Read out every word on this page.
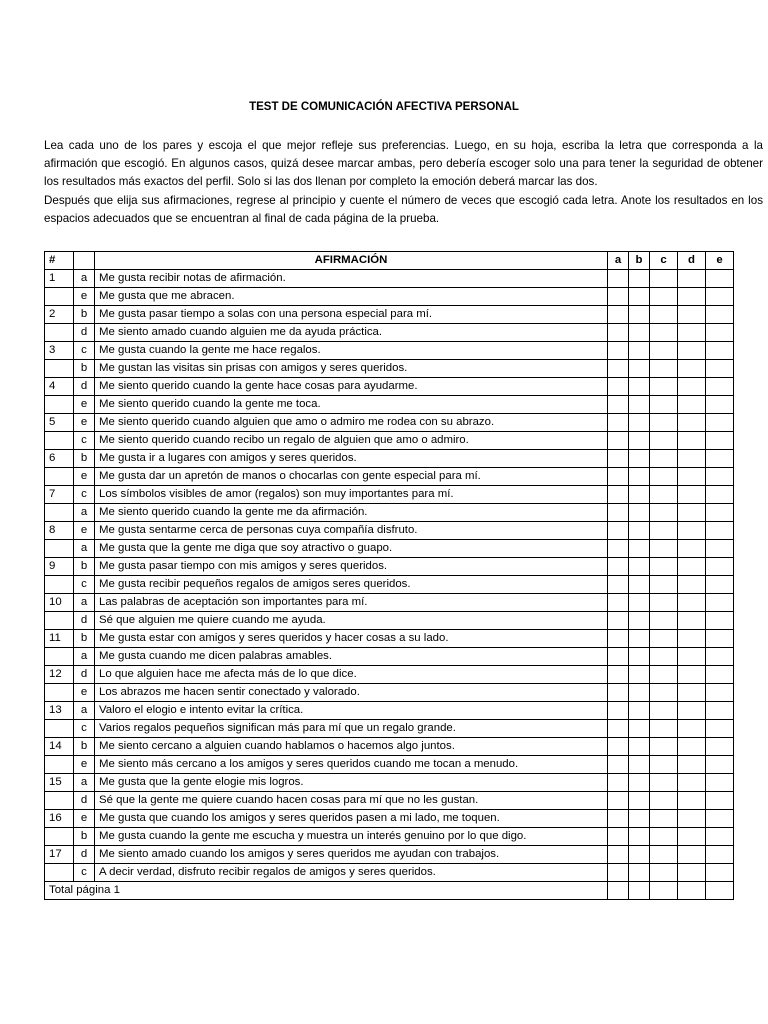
TEST DE COMUNICACIÓN AFECTIVA PERSONAL

Lea cada uno de los pares y escoja el que mejor refleje sus preferencias. Luego, en su hoja, escriba la letra que corresponda a la afirmación que escogió. En algunos casos, quizá desee marcar ambas, pero debería escoger solo una para tener la seguridad de obtener los resultados más exactos del perfil. Solo si las dos llenan por completo la emoción deberá marcar las dos.

Después que elija sus afirmaciones, regrese al principio y cuente el número de veces que escogió cada letra. Anote los resultados en los espacios adecuados que se encuentran al final de cada página de la prueba.

#		AFIRMACIÓN	a	b	c	d	e
1	a	Me gusta recibir notas de afirmación.					
	e	Me gusta que me abracen.					
2	b	Me gusta pasar tiempo a solas con una persona especial para mí.					
	d	Me siento amado cuando alguien me da ayuda práctica.					
3	c	Me gusta cuando la gente me hace regalos.					
	b	Me gustan las visitas sin prisas con amigos y seres queridos.					
4	d	Me siento querido cuando la gente hace cosas para ayudarme.					
	e	Me siento querido cuando la gente me toca.					
5	e	Me siento querido cuando alguien que amo o admiro me rodea con su abrazo.					
	c	Me siento querido cuando recibo un regalo de alguien que amo o admiro.					
6	b	Me gusta ir a lugares con amigos y seres queridos.					
	e	Me gusta dar un apretón de manos o chocarlas con gente especial para mí.					
7	c	Los símbolos visibles de amor (regalos) son muy importantes para mí.					
	a	Me siento querido cuando la gente me da afirmación.					
8	e	Me gusta sentarme cerca de personas cuya compañía disfruto.					
	a	Me gusta que la gente me diga que soy atractivo o guapo.					
9	b	Me gusta pasar tiempo con mis amigos y seres queridos.					
	c	Me gusta recibir pequeños regalos de amigos seres queridos.					
10	a	Las palabras de aceptación son importantes para mí.					
	d	Sé que alguien me quiere cuando me ayuda.					
11	b	Me gusta estar con amigos y seres queridos y hacer cosas a su lado.					
	a	Me gusta cuando me dicen palabras amables.					
12	d	Lo que alguien hace me afecta más de lo que dice.					
	e	Los abrazos me hacen sentir conectado y valorado.					
13	a	Valoro el elogio e intento evitar la crítica.					
	c	Varios regalos pequeños significan más para mí que un regalo grande.					
14	b	Me siento cercano a alguien cuando hablamos o hacemos algo juntos.					
	e	Me siento más cercano a los amigos y seres queridos cuando me tocan a menudo.					
15	a	Me gusta que la gente elogie mis logros.					
	d	Sé que la gente me quiere cuando hacen cosas para mí que no les gustan.					
16	e	Me gusta que cuando los amigos y seres queridos pasen a mi lado, me toquen.					
	b	Me gusta cuando la gente me escucha y muestra un interés genuino por lo que digo.					
17	d	Me siento amado cuando los amigos y seres queridos me ayudan con trabajos.					
	c	A decir verdad, disfruto recibir regalos de amigos y seres queridos.					
Total página 1							
